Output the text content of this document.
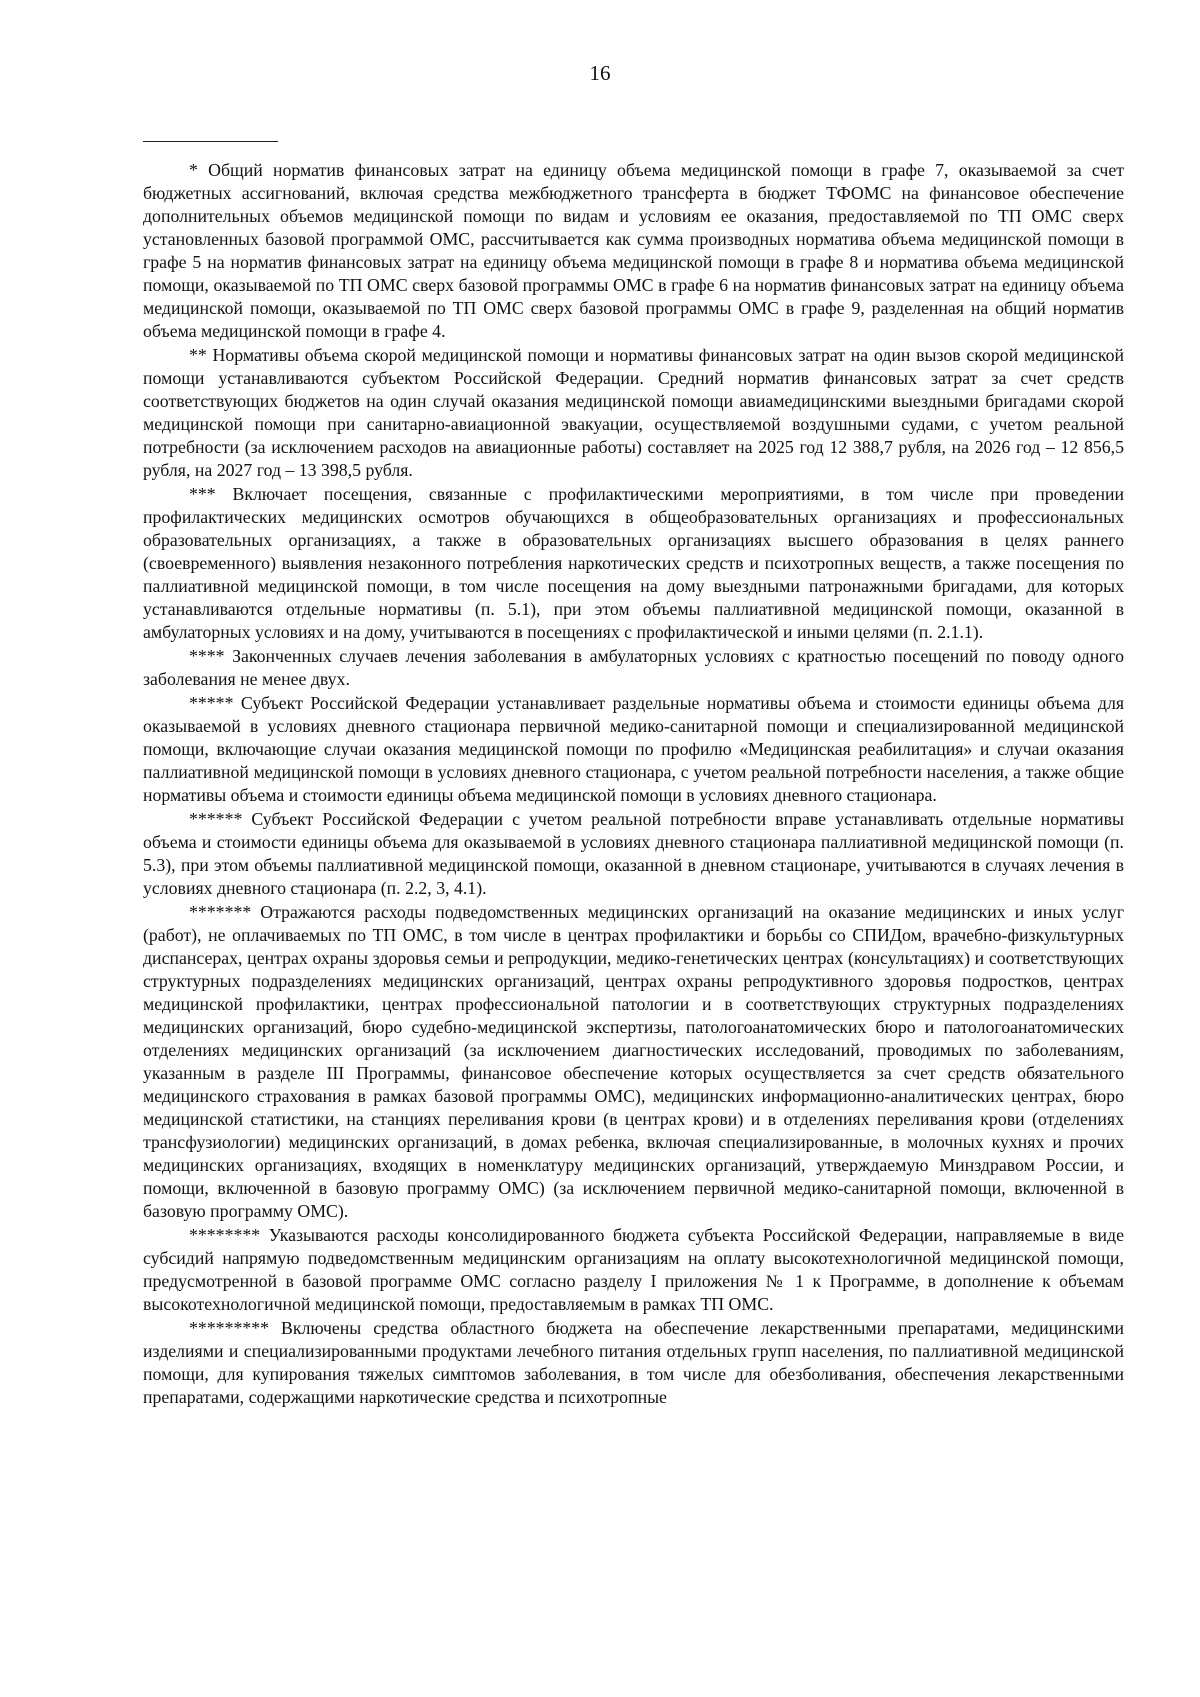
16

* Общий норматив финансовых затрат на единицу объема медицинской помощи в графе 7, оказываемой за счет бюджетных ассигнований, включая средства межбюджетного трансферта в бюджет ТФОМС на финансовое обеспечение дополнительных объемов медицинской помощи по видам и условиям ее оказания, предоставляемой по ТП ОМС сверх установленных базовой программой ОМС, рассчитывается как сумма производных норматива объема медицинской помощи в графе 5 на норматив финансовых затрат на единицу объема медицинской помощи в графе 8 и норматива объема медицинской помощи, оказываемой по ТП ОМС сверх базовой программы ОМС в графе 6 на норматив финансовых затрат на единицу объема медицинской помощи, оказываемой по ТП ОМС сверх базовой программы ОМС в графе 9, разделенная на общий норматив объема медицинской помощи в графе 4.

** Нормативы объема скорой медицинской помощи и нормативы финансовых затрат на один вызов скорой медицинской помощи устанавливаются субъектом Российской Федерации. Средний норматив финансовых затрат за счет средств соответствующих бюджетов на один случай оказания медицинской помощи авиамедицинскими выездными бригадами скорой медицинской помощи при санитарно-авиационной эвакуации, осуществляемой воздушными судами, с учетом реальной потребности (за исключением расходов на авиационные работы) составляет на 2025 год 12 388,7 рубля, на 2026 год – 12 856,5 рубля, на 2027 год – 13 398,5 рубля.

*** Включает посещения, связанные с профилактическими мероприятиями, в том числе при проведении профилактических медицинских осмотров обучающихся в общеобразовательных организациях и профессиональных образовательных организациях, а также в образовательных организациях высшего образования в целях раннего (своевременного) выявления незаконного потребления наркотических средств и психотропных веществ, а также посещения по паллиативной медицинской помощи, в том числе посещения на дому выездными патронажными бригадами, для которых устанавливаются отдельные нормативы (п. 5.1), при этом объемы паллиативной медицинской помощи, оказанной в амбулаторных условиях и на дому, учитываются в посещениях с профилактической и иными целями (п. 2.1.1).

**** Законченных случаев лечения заболевания в амбулаторных условиях с кратностью посещений по поводу одного заболевания не менее двух.

***** Субъект Российской Федерации устанавливает раздельные нормативы объема и стоимости единицы объема для оказываемой в условиях дневного стационара первичной медико-санитарной помощи и специализированной медицинской помощи, включающие случаи оказания медицинской помощи по профилю «Медицинская реабилитация» и случаи оказания паллиативной медицинской помощи в условиях дневного стационара, с учетом реальной потребности населения, а также общие нормативы объема и стоимости единицы объема медицинской помощи в условиях дневного стационара.

****** Субъект Российской Федерации с учетом реальной потребности вправе устанавливать отдельные нормативы объема и стоимости единицы объема для оказываемой в условиях дневного стационара паллиативной медицинской помощи (п. 5.3), при этом объемы паллиативной медицинской помощи, оказанной в дневном стационаре, учитываются в случаях лечения в условиях дневного стационара (п. 2.2, 3, 4.1).

******* Отражаются расходы подведомственных медицинских организаций на оказание медицинских и иных услуг (работ), не оплачиваемых по ТП ОМС, в том числе в центрах профилактики и борьбы со СПИДом, врачебно-физкультурных диспансерах, центрах охраны здоровья семьи и репродукции, медико-генетических центрах (консультациях) и соответствующих структурных подразделениях медицинских организаций, центрах охраны репродуктивного здоровья подростков, центрах медицинской профилактики, центрах профессиональной патологии и в соответствующих структурных подразделениях медицинских организаций, бюро судебно-медицинской экспертизы, патологоанатомических бюро и патологоанатомических отделениях медицинских организаций (за исключением диагностических исследований, проводимых по заболеваниям, указанным в разделе III Программы, финансовое обеспечение которых осуществляется за счет средств обязательного медицинского страхования в рамках базовой программы ОМС), медицинских информационно-аналитических центрах, бюро медицинской статистики, на станциях переливания крови (в центрах крови) и в отделениях переливания крови (отделениях трансфузиологии) медицинских организаций, в домах ребенка, включая специализированные, в молочных кухнях и прочих медицинских организациях, входящих в номенклатуру медицинских организаций, утверждаемую Минздравом России, и помощи, включенной в базовую программу ОМС) (за исключением первичной медико-санитарной помощи, включенной в базовую программу ОМС).

******** Указываются расходы консолидированного бюджета субъекта Российской Федерации, направляемые в виде субсидий напрямую подведомственным медицинским организациям на оплату высокотехнологичной медицинской помощи, предусмотренной в базовой программе ОМС согласно разделу I приложения № 1 к Программе, в дополнение к объемам высокотехнологичной медицинской помощи, предоставляемым в рамках ТП ОМС.

********* Включены средства областного бюджета на обеспечение лекарственными препаратами, медицинскими изделиями и специализированными продуктами лечебного питания отдельных групп населения, по паллиативной медицинской помощи, для купирования тяжелых симптомов заболевания, в том числе для обезболивания, обеспечения лекарственными препаратами, содержащими наркотические средства и психотропные
